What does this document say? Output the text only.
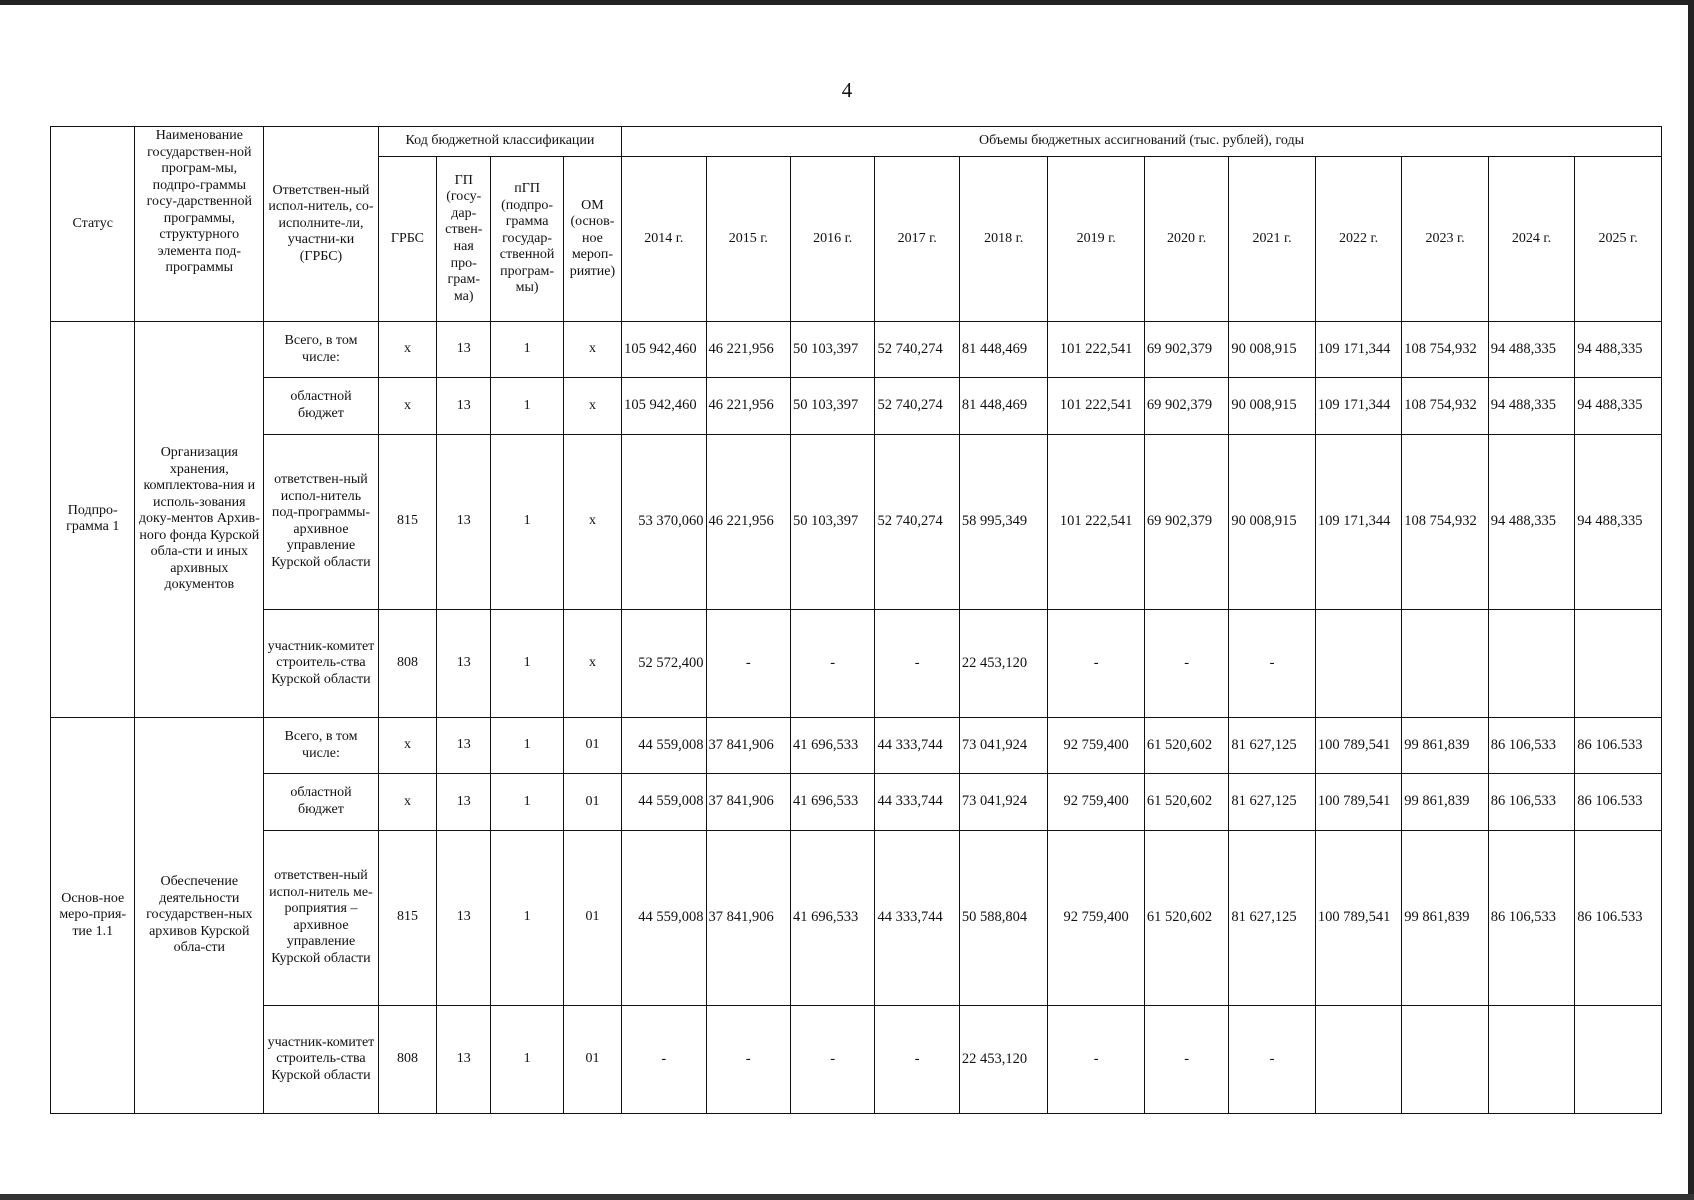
4
Статус	Наименование государствен-ной програм-мы, подпро-граммы госу-дарственной программы, структурного элемента под-программы	Ответствен-ный испол-нитель, со-исполните-ли, участни-ки (ГРБС)	Код бюджетной классификации				Объемы бюджетных ассигнований (тыс. рублей), годы											
			ГРБС	ГП (госу-дар-ствен-ная про-грам-ма)	пГП (подпро-грамма государ-ственной програм-мы)	ОМ (основ-ное мероп-риятие)	2014 г.	2015 г.	2016 г.	2017 г.	2018 г.	2019 г.	2020 г.	2021 г.	2022 г.	2023 г.	2024 г.	2025 г.
Подпро-грамма 1	Организация хранения, комплектова-ния и исполь-зования доку-ментов Архив-ного фонда Курской обла-сти и иных архивных документов	Всего, в том числе:	х	13	1	х	105 942,460	46 221,956	50 103,397	52 740,274	81 448,469	101 222,541	69 902,379	90 008,915	109 171,344	108 754,932	94 488,335	94 488,335
		областной бюджет	х	13	1	х	105 942,460	46 221,956	50 103,397	52 740,274	81 448,469	101 222,541	69 902,379	90 008,915	109 171,344	108 754,932	94 488,335	94 488,335
		ответствен-ный испол-нитель под-программы-архивное управление Курской области	815	13	1	х	53 370,060	46 221,956	50 103,397	52 740,274	58 995,349	101 222,541	69 902,379	90 008,915	109 171,344	108 754,932	94 488,335	94 488,335
		участник-комитет строитель-ства Курской области	808	13	1	х	52 572,400	-	-	-	22 453,120	-	-	-				
Основ-ное меро-прия-тие 1.1	Обеспечение деятельности государствен-ных архивов Курской обла-сти	Всего, в том числе:	х	13	1	01	44 559,008	37 841,906	41 696,533	44 333,744	73 041,924	92 759,400	61 520,602	81 627,125	100 789,541	99 861,839	86 106,533	86 106.533
		областной бюджет	х	13	1	01	44 559,008	37 841,906	41 696,533	44 333,744	73 041,924	92 759,400	61 520,602	81 627,125	100 789,541	99 861,839	86 106,533	86 106.533
		ответствен-ный испол-нитель ме-роприятия – архивное управление Курской области	815	13	1	01	44 559,008	37 841,906	41 696,533	44 333,744	50 588,804	92 759,400	61 520,602	81 627,125	100 789,541	99 861,839	86 106,533	86 106.533
		участник-комитет строитель-ства Курской области	808	13	1	01	-	-	-	-	22 453,120	-	-	-				
